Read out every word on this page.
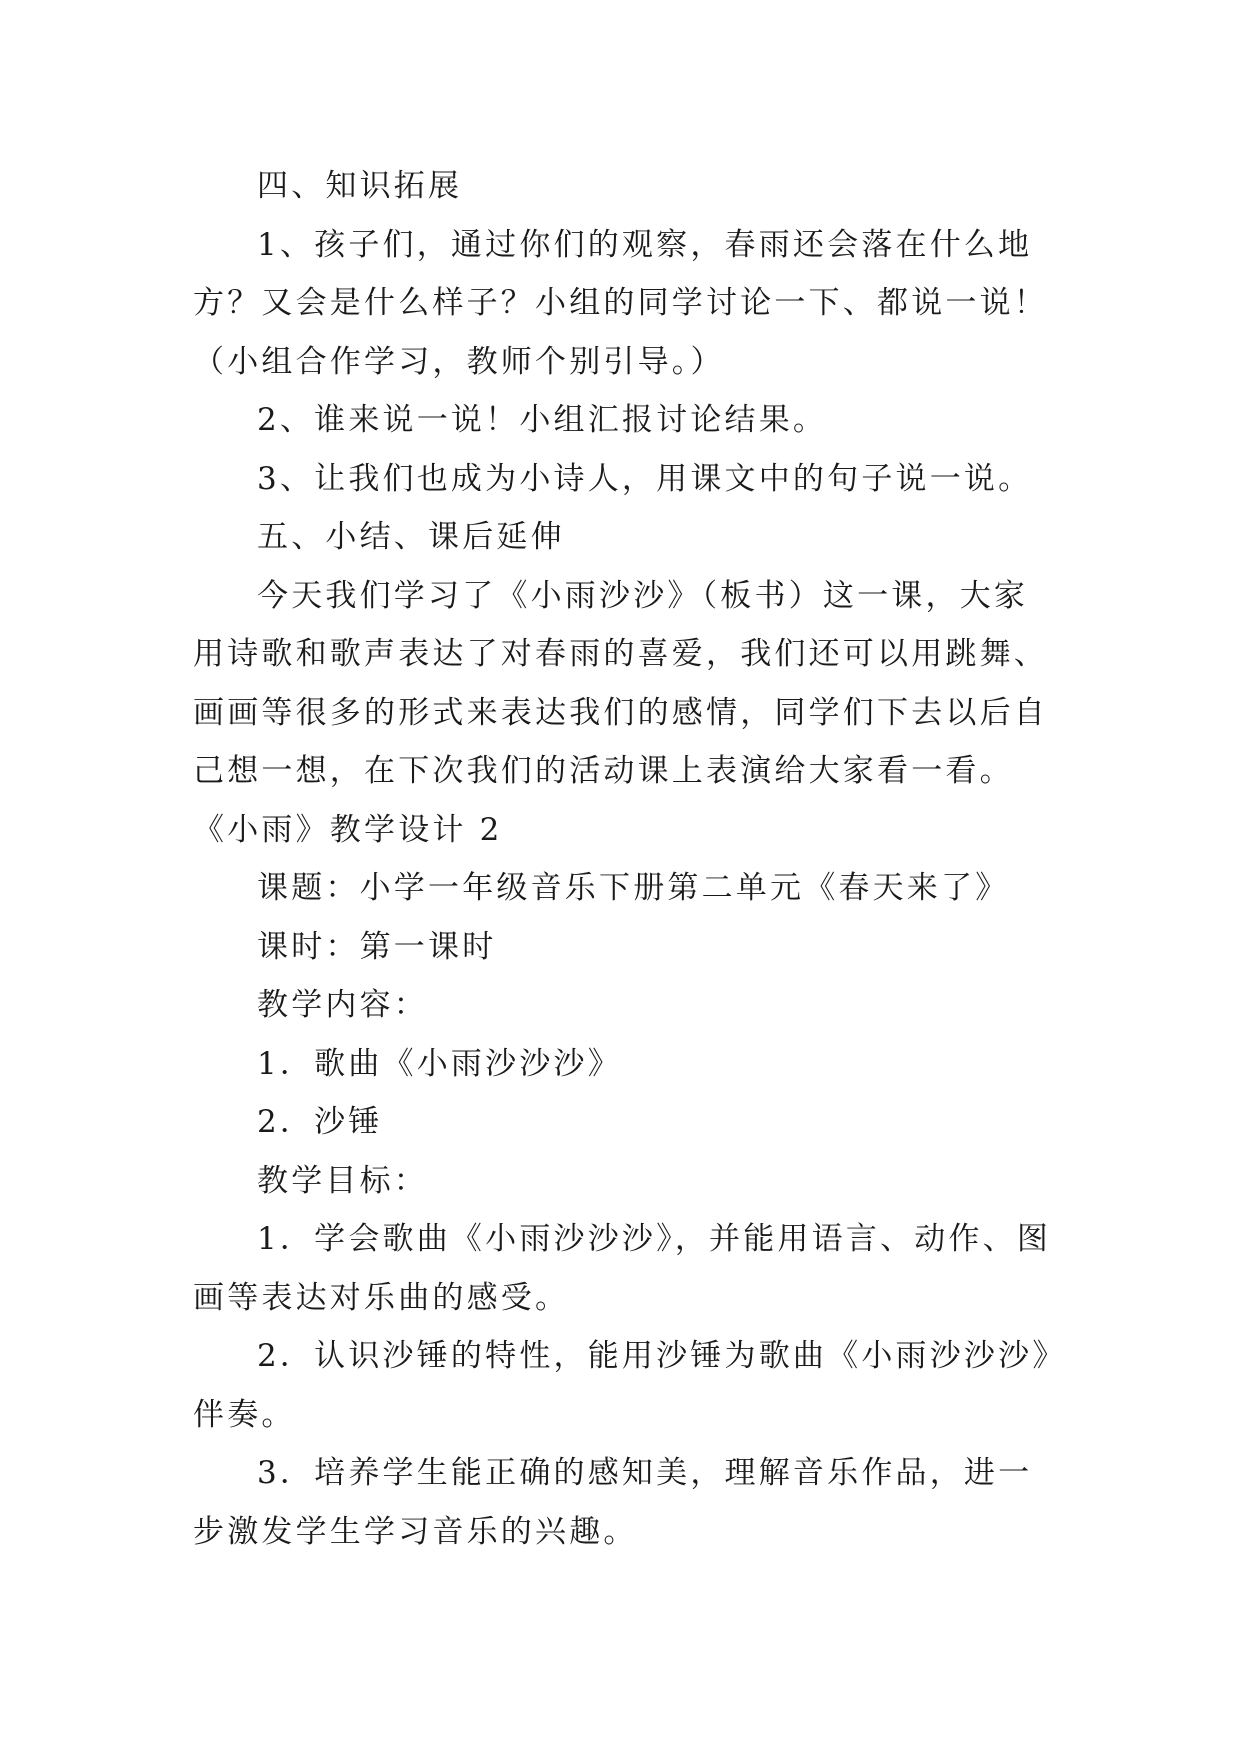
四、知识拓展

1、孩子们，通过你们的观察，春雨还会落在什么地方？又会是什么样子？小组的同学讨论一下、都说一说！（小组合作学习，教师个别引导。）

2、谁来说一说！小组汇报讨论结果。

3、让我们也成为小诗人，用课文中的句子说一说。

五、小结、课后延伸

今天我们学习了《小雨沙沙》（板书）这一课，大家用诗歌和歌声表达了对春雨的喜爱，我们还可以用跳舞、画画等很多的形式来表达我们的感情，同学们下去以后自己想一想，在下次我们的活动课上表演给大家看一看。

《小雨》教学设计 2

课题：小学一年级音乐下册第二单元《春天来了》

课时：第一课时

教学内容：

1．歌曲《小雨沙沙沙》

2．沙锤

教学目标：

1．学会歌曲《小雨沙沙沙》，并能用语言、动作、图画等表达对乐曲的感受。

2．认识沙锤的特性，能用沙锤为歌曲《小雨沙沙沙》伴奏。

3．培养学生能正确的感知美，理解音乐作品，进一步激发学生学习音乐的兴趣。
